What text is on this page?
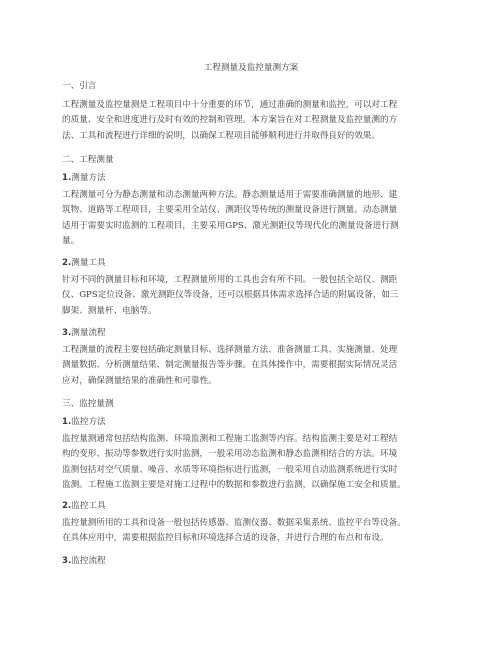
工程测量及监控量测方案
一、引言
工程测量及监控量测是工程项目中十分重要的环节，通过准确的测量和监控，可以对工程
的质量、安全和进度进行及时有效的控制和管理。本方案旨在对工程测量及监控量测的方
法、工具和流程进行详细的说明，以确保工程项目能够顺利进行并取得良好的效果。
二、工程测量
1.测量方法
工程测量可分为静态测量和动态测量两种方法。静态测量适用于需要准确测量的地形、建
筑物、道路等工程项目，主要采用全站仪、测距仪等传统的测量设备进行测量。动态测量
适用于需要实时监测的工程项目，主要采用GPS、激光测距仪等现代化的测量设备进行测
量。
2.测量工具
针对不同的测量目标和环境，工程测量所用的工具也会有所不同。一般包括全站仪、测距
仪、GPS定位设备、激光测距仪等设备，还可以根据具体需求选择合适的附属设备，如三
脚架、测量杆、电脑等。
3.测量流程
工程测量的流程主要包括确定测量目标、选择测量方法、准备测量工具、实施测量、处理
测量数据、分析测量结果、制定测量报告等步骤。在具体操作中，需要根据实际情况灵活
应对，确保测量结果的准确性和可靠性。
三、监控量测
1.监控方法
监控量测通常包括结构监测、环境监测和工程施工监测等内容。结构监测主要是对工程结
构的变形、振动等参数进行实时监测，一般采用动态监测和静态监测相结合的方法。环境
监测包括对空气质量、噪音、水质等环境指标进行监测，一般采用自动监测系统进行实时
监测。工程施工监测主要是对施工过程中的数据和参数进行监测，以确保施工安全和质量。
2.监控工具
监控量测所用的工具和设备一般包括传感器、监测仪器、数据采集系统、监控平台等设备。
在具体应用中，需要根据监控目标和环境选择合适的设备，并进行合理的布点和布设。
3.监控流程
